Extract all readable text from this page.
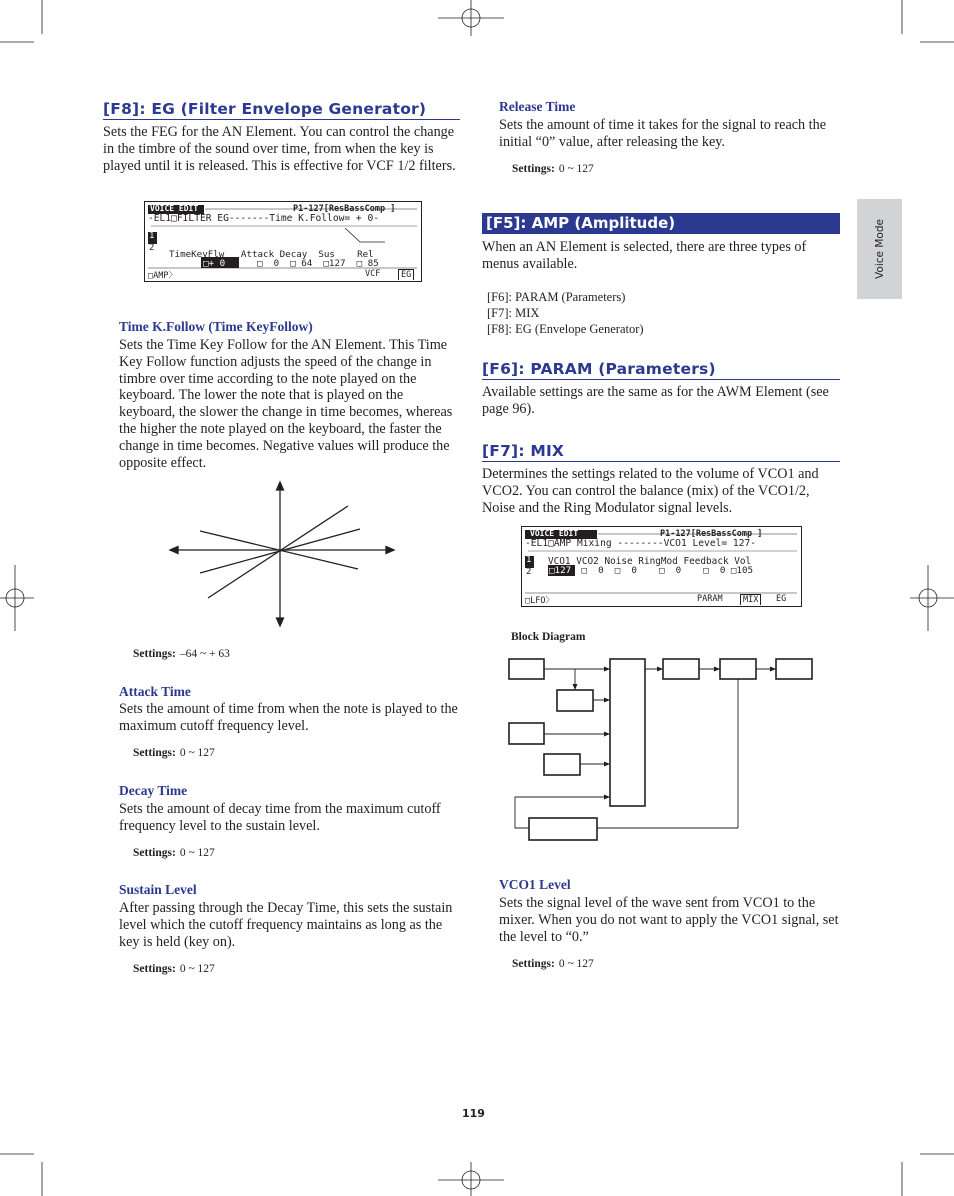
Voice Mode
[F8]: EG (Filter Envelope Generator)
Sets the FEG for the AN Element. You can control the change in the timbre of the sound over time, from when the key is played until it is released. This is effective for VCF 1/2 filters.
VOICE EDIT	P1-127[ResBassComp ]
-EL1□FILTER EG-------Time K.Follow= + 0-
1
2
TimeKeyFlw   Attack Decay  Sus    Rel
□+ 0	□  0  □ 64  □127  □ 85
□AMP〉	VCF	EG
Time K.Follow (Time KeyFollow)
Sets the Time Key Follow for the AN Element. This Time Key Follow function adjusts the speed of the change in timbre over time according to the note played on the keyboard. The lower the note that is played on the keyboard, the slower the change in time becomes, whereas the higher the note played on the keyboard, the faster the change in time becomes. Negative values will produce the opposite effect.
Settings: –64 ~ + 63
Attack Time
Sets the amount of time from when the note is played to the maximum cutoff frequency level.
Settings: 0 ~ 127
Decay Time
Sets the amount of decay time from the maximum cutoff frequency level to the sustain level.
Settings: 0 ~ 127
Sustain Level
After passing through the Decay Time, this sets the sustain level which the cutoff frequency maintains as long as the key is held (key on).
Settings: 0 ~ 127
Release Time
Sets the amount of time it takes for the signal to reach the initial “0” value, after releasing the key.
Settings: 0 ~ 127
[F5]: AMP (Amplitude)
When an AN Element is selected, there are three types of menus available.
[F6]: PARAM (Parameters)
[F7]: MIX
[F8]: EG (Envelope Generator)
[F6]: PARAM (Parameters)
Available settings are the same as for the AWM Element (see page 96).
[F7]: MIX
Determines the settings related to the volume of VCO1 and VCO2. You can control the balance (mix) of the VCO1/2, Noise and the Ring Modulator signal levels.
VOICE EDIT	P1-127[ResBassComp ]
-EL1□AMP Mixing --------VCO1 Level= 127-
1
2
VCO1 VCO2 Noise RingMod Feedback Vol
□127 □  0  □  0    □  0    □  0 □105
□LFO〉	PARAM	MIX	EG
Block Diagram
VCO1 Level
Sets the signal level of the wave sent from VCO1 to the mixer. When you do not want to apply the VCO1 signal, set the level to “0.”
Settings: 0 ~ 127
119
